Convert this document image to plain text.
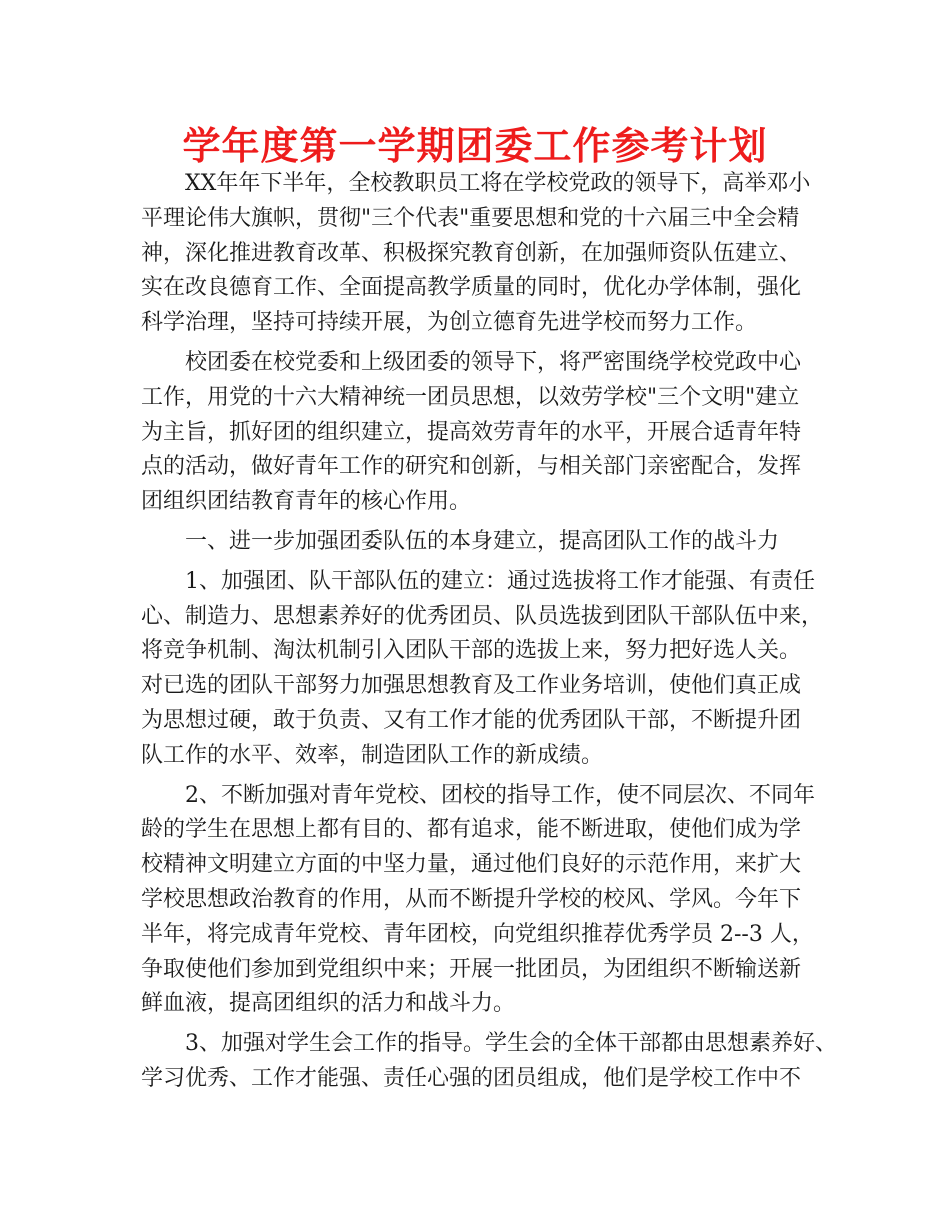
学年度第一学期团委工作参考计划
XX年年下半年，全校教职员工将在学校党政的领导下，高举邓小
平理论伟大旗帜，贯彻"三个代表"重要思想和党的十六届三中全会精
神，深化推进教育改革、积极探究教育创新，在加强师资队伍建立、
实在改良德育工作、全面提高教学质量的同时，优化办学体制，强化
科学治理，坚持可持续开展，为创立德育先进学校而努力工作。
校团委在校党委和上级团委的领导下，将严密围绕学校党政中心
工作，用党的十六大精神统一团员思想，以效劳学校"三个文明"建立
为主旨，抓好团的组织建立，提高效劳青年的水平，开展合适青年特
点的活动，做好青年工作的研究和创新，与相关部门亲密配合，发挥
团组织团结教育青年的核心作用。
一、进一步加强团委队伍的本身建立，提高团队工作的战斗力
1、加强团、队干部队伍的建立：通过选拔将工作才能强、有责任
心、制造力、思想素养好的优秀团员、队员选拔到团队干部队伍中来，
将竞争机制、淘汰机制引入团队干部的选拔上来，努力把好选人关。
对已选的团队干部努力加强思想教育及工作业务培训，使他们真正成
为思想过硬，敢于负责、又有工作才能的优秀团队干部，不断提升团
队工作的水平、效率，制造团队工作的新成绩。
2、不断加强对青年党校、团校的指导工作，使不同层次、不同年
龄的学生在思想上都有目的、都有追求，能不断进取，使他们成为学
校精神文明建立方面的中坚力量，通过他们良好的示范作用，来扩大
学校思想政治教育的作用，从而不断提升学校的校风、学风。今年下
半年，将完成青年党校、青年团校，向党组织推荐优秀学员 2--3 人，
争取使他们参加到党组织中来；开展一批团员，为团组织不断输送新
鲜血液，提高团组织的活力和战斗力。
3、加强对学生会工作的指导。学生会的全体干部都由思想素养好、
学习优秀、工作才能强、责任心强的团员组成，他们是学校工作中不
